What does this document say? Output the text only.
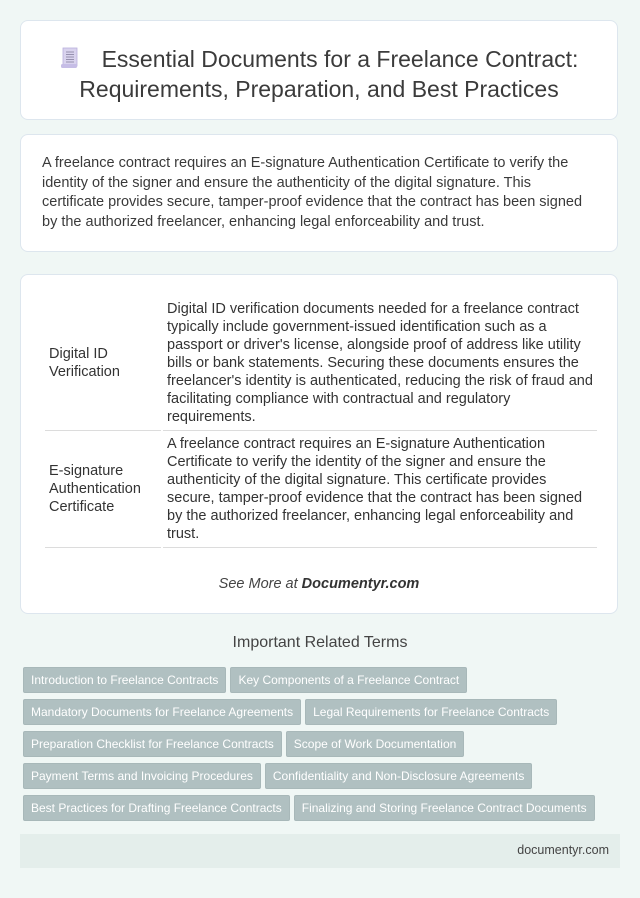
Essential Documents for a Freelance Contract: Requirements, Preparation, and Best Practices

A freelance contract requires an E-signature Authentication Certificate to verify the identity of the signer and ensure the authenticity of the digital signature. This certificate provides secure, tamper-proof evidence that the contract has been signed by the authorized freelancer, enhancing legal enforceability and trust.

Digital ID Verification	Digital ID verification documents needed for a freelance contract typically include government-issued identification such as a passport or driver's license, alongside proof of address like utility bills or bank statements. Securing these documents ensures the freelancer's identity is authenticated, reducing the risk of fraud and facilitating compliance with contractual and regulatory requirements.
E-signature Authentication Certificate	A freelance contract requires an E-signature Authentication Certificate to verify the identity of the signer and ensure the authenticity of the digital signature. This certificate provides secure, tamper-proof evidence that the contract has been signed by the authorized freelancer, enhancing legal enforceability and trust.
See More at Documentyr.com
Important Related Terms
Introduction to Freelance Contracts Key Components of a Freelance Contract
Mandatory Documents for Freelance Agreements Legal Requirements for Freelance Contracts
Preparation Checklist for Freelance Contracts Scope of Work Documentation
Payment Terms and Invoicing Procedures Confidentiality and Non-Disclosure Agreements
Best Practices for Drafting Freelance Contracts Finalizing and Storing Freelance Contract Documents
documentyr.com
